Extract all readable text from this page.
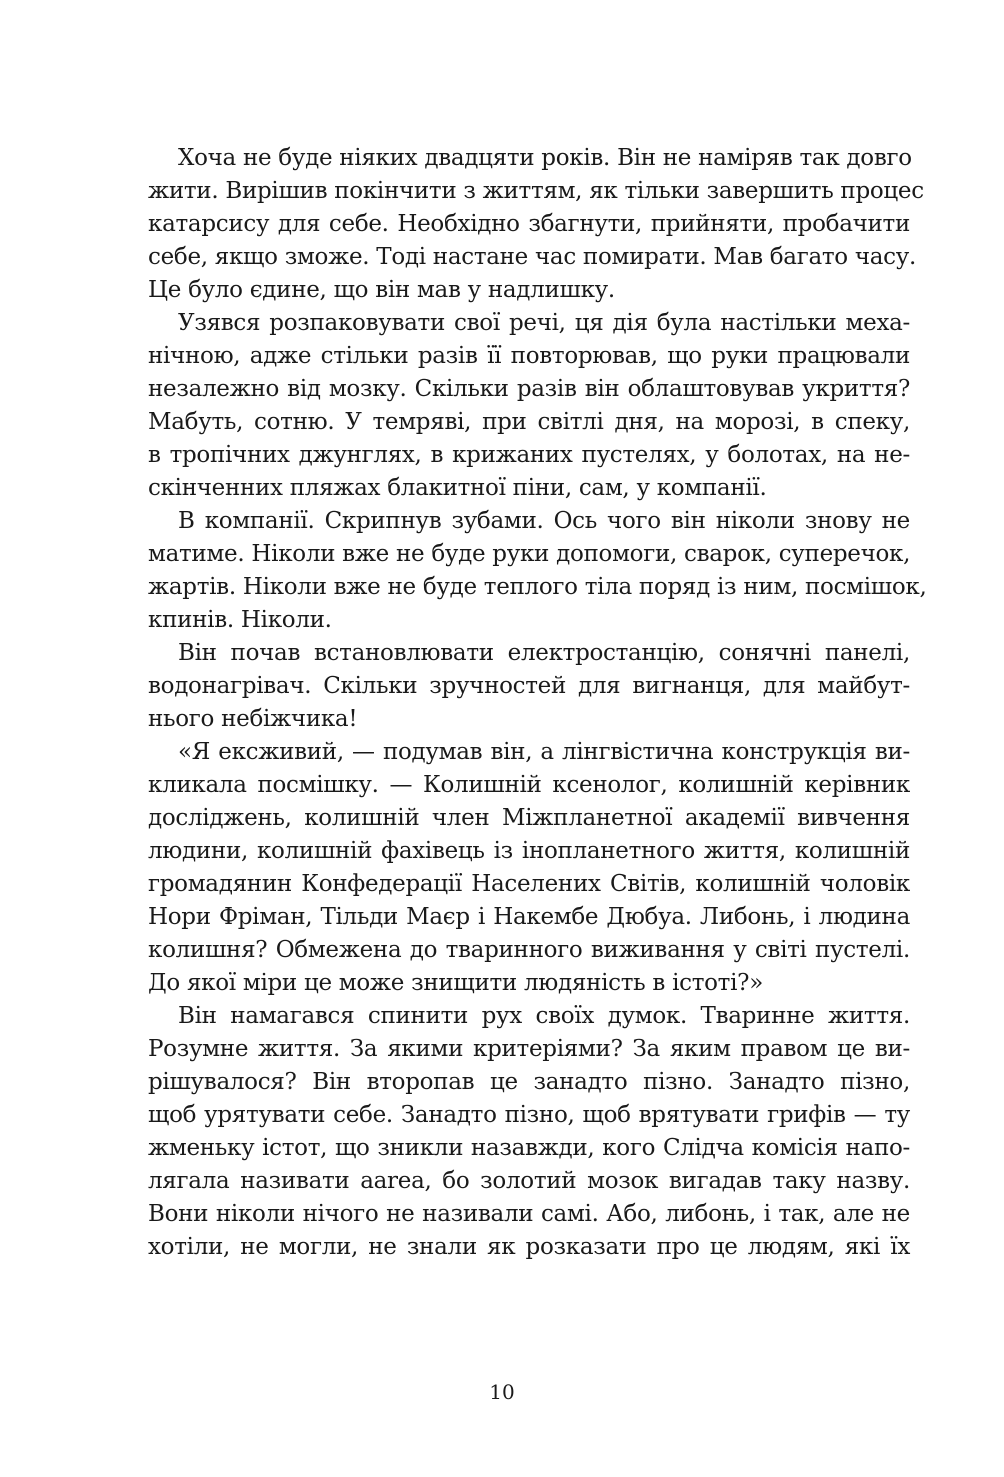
Хоча не буде ніяких двадцяти років. Він не наміряв так довго
жити. Вирішив покінчити з життям, як тільки завершить процес
катарсису для себе. Необхідно збагнути, прийняти, пробачити
себе, якщо зможе. Тоді настане час помирати. Мав багато часу.
Це було єдине, що він мав у надлишку.
Узявся розпаковувати свої речі, ця дія була настільки меха-
нічною, адже стільки разів її повторював, що руки працювали
незалежно від мозку. Скільки разів він облаштовував укриття?
Мабуть, сотню. У темряві, при світлі дня, на морозі, в спеку,
в тропічних джунглях, в крижаних пустелях, у болотах, на не-
скінченних пляжах блакитної піни, сам, у компанії.
В компанії. Скрипнув зубами. Ось чого він ніколи знову не
матиме. Ніколи вже не буде руки допомоги, сварок, суперечок,
жартів. Ніколи вже не буде теплого тіла поряд із ним, посмішок,
кпинів. Ніколи.
Він почав встановлювати електростанцію, сонячні панелі,
водонагрівач. Скільки зручностей для вигнанця, для майбут-
нього небіжчика!
«Я ексживий, — подумав він, а лінгвістична конструкція ви-
кликала посмішку. — Колишній ксенолог, колишній керівник
досліджень, колишній член Міжпланетної академії вивчення
людини, колишній фахівець із інопланетного життя, колишній
громадянин Конфедерації Населених Світів, колишній чоловік
Нори Фріман, Тільди Маєр і Накембе Дюбуа. Либонь, і людина
колишня? Обмежена до тваринного виживання у світі пустелі.
До якої міри це може знищити людяність в істоті?»
Він намагався спинити рух своїх думок. Тваринне життя.
Розумне життя. За якими критеріями? За яким правом це ви-
рішувалося? Він второпав це занадто пізно. Занадто пізно,
щоб урятувати себе. Занадто пізно, щоб врятувати грифів — ту
жменьку істот, що зникли назавжди, кого Слідча комісія напо-
лягала називати aarea, бо золотий мозок вигадав таку назву.
Вони ніколи нічого не називали самі. Або, либонь, і так, але не
хотіли, не могли, не знали як розказати про це людям, які їх
10
